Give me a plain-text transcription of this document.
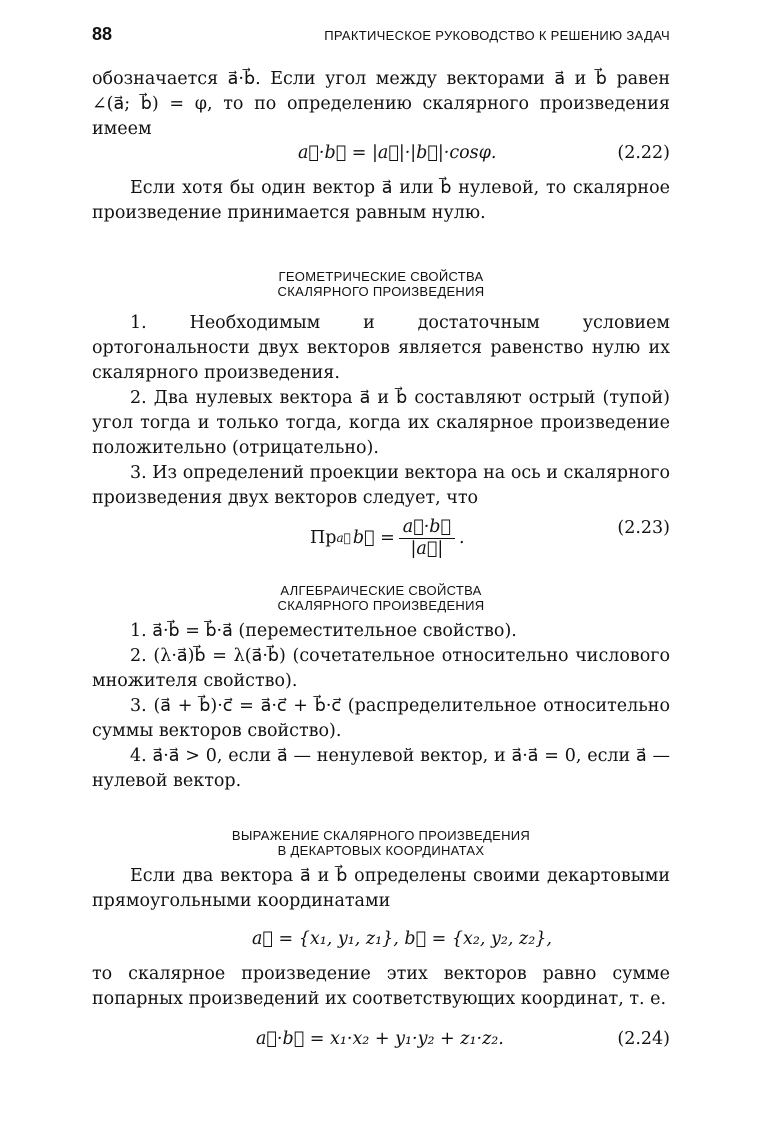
88	ПРАКТИЧЕСКОЕ РУКОВОДСТВО К РЕШЕНИЮ ЗАДАЧ

обозначается a⃗·b⃗. Если угол между векторами a⃗ и b⃗ равен ∠(a⃗; b⃗) = φ, то по определению скалярного произведения имеем

a⃗·b⃗ = |a⃗|·|b⃗|·cosφ.	(2.22)

Если хотя бы один вектор a⃗ или b⃗ нулевой, то скалярное произведение принимается равным нулю.

ГЕОМЕТРИЧЕСКИЕ СВОЙСТВА
СКАЛЯРНОГО ПРОИЗВЕДЕНИЯ

1. Необходимым и достаточным условием ортогональности двух векторов является равенство нулю их скалярного произведения.

2. Два нулевых вектора a⃗ и b⃗ составляют острый (тупой) угол тогда и только тогда, когда их скалярное произведение положительно (отрицательно).

3. Из определений проекции вектора на ось и скалярного произведения двух векторов следует, что

Пр a⃗ b⃗ = $\frac{a⃗\cdot b⃗}{|a⃗|}$ .	(2.23)
АЛГЕБРАИЧЕСКИЕ СВОЙСТВА
СКАЛЯРНОГО ПРОИЗВЕДЕНИЯ

1. a⃗·b⃗ = b⃗·a⃗ (переместительное свойство).

2. (λ·a⃗)b⃗ = λ(a⃗·b⃗) (сочетательное относительно числового множителя свойство).

3. (a⃗ + b⃗)·c⃗ = a⃗·c⃗ + b⃗·c⃗ (распределительное относительно суммы векторов свойство).

4. a⃗·a⃗ > 0, если a⃗ — ненулевой вектор, и a⃗·a⃗ = 0, если a⃗ — нулевой вектор.

ВЫРАЖЕНИЕ СКАЛЯРНОГО ПРОИЗВЕДЕНИЯ
В ДЕКАРТОВЫХ КООРДИНАТАХ

Если два вектора a⃗ и b⃗ определены своими декартовыми прямоугольными координатами

a⃗ = {x₁, y₁, z₁}, b⃗ = {x₂, y₂, z₂},

то скалярное произведение этих векторов равно сумме попарных произведений их соответствующих координат, т. е.

a⃗·b⃗ = x₁·x₂ + y₁·y₂ + z₁·z₂.	(2.24)
